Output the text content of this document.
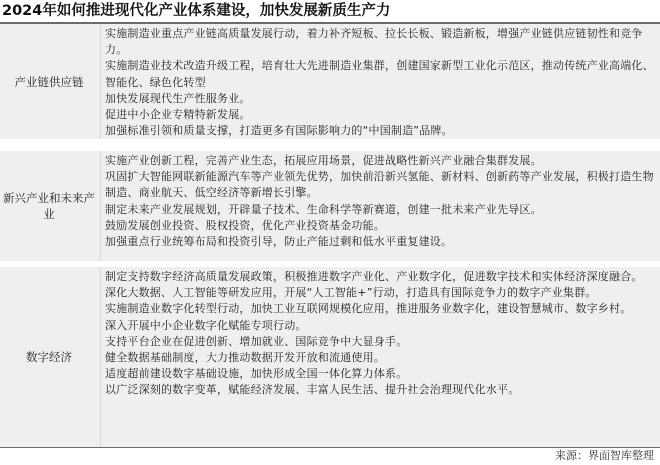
2024年如何推进现代化产业体系建设，加快发展新质生产力
产业链供应链
实施制造业重点产业链高质量发展行动，着力补齐短板、拉长长板、锻造新板，增强产业链供应链韧性和竞争力。
实施制造业技术改造升级工程，培育壮大先进制造业集群，创建国家新型工业化示范区，推动传统产业高端化、智能化、绿色化转型
加快发展现代生产性服务业。
促进中小企业专精特新发展。
加强标准引领和质量支撑，打造更多有国际影响力的“中国制造”品牌。
新兴产业和未来产业
实施产业创新工程，完善产业生态，拓展应用场景，促进战略性新兴产业融合集群发展。
巩固扩大智能网联新能源汽车等产业领先优势，加快前沿新兴氢能、新材料、创新药等产业发展，积极打造生物制造、商业航天、低空经济等新增长引擎。
制定未来产业发展规划，开辟量子技术、生命科学等新赛道，创建一批未来产业先导区。
鼓励发展创业投资、股权投资，优化产业投资基金功能。
加强重点行业统筹布局和投资引导，防止产能过剩和低水平重复建设。
数字经济
制定支持数字经济高质量发展政策，积极推进数字产业化、产业数字化，促进数字技术和实体经济深度融合。
深化大数据、人工智能等研发应用，开展“人工智能+”行动，打造具有国际竞争力的数字产业集群。
实施制造业数字化转型行动，加快工业互联网规模化应用，推进服务业数字化，建设智慧城市、数字乡村。
深入开展中小企业数字化赋能专项行动。
支持平台企业在促进创新、增加就业、国际竞争中大显身手。
健全数据基础制度，大力推动数据开发开放和流通使用。
适度超前建设数字基础设施，加快形成全国一体化算力体系。
以广泛深刻的数字变革，赋能经济发展、丰富人民生活、提升社会治理现代化水平。
来源：界面智库整理
